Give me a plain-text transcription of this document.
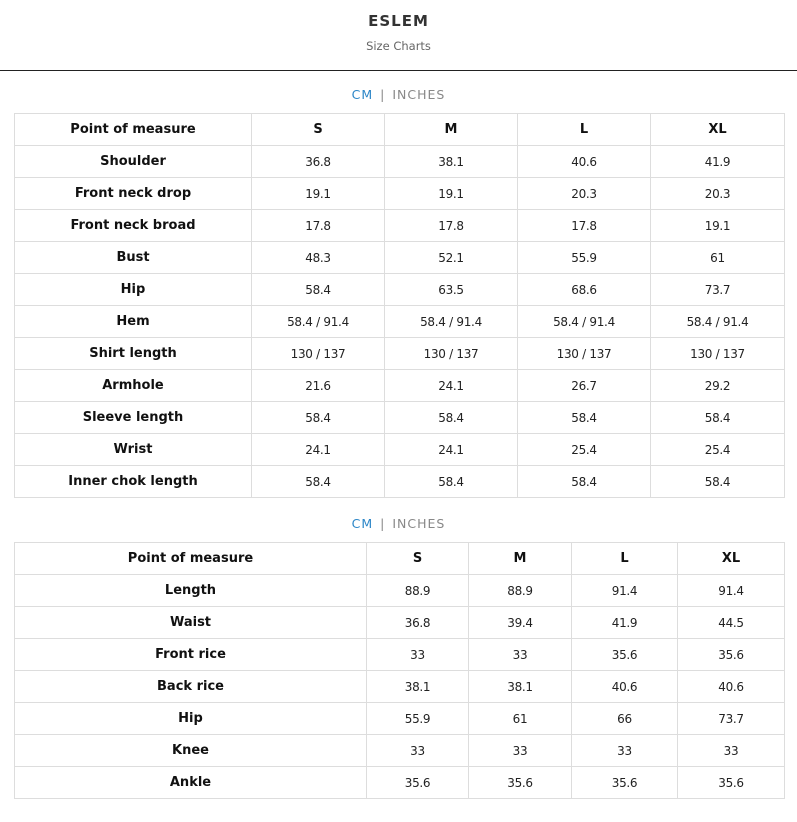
ESLEM
Size Charts
CM | INCHES
Point of measure	S	M	L	XL
Shoulder	36.8	38.1	40.6	41.9
Front neck drop	19.1	19.1	20.3	20.3
Front neck broad	17.8	17.8	17.8	19.1
Bust	48.3	52.1	55.9	61
Hip	58.4	63.5	68.6	73.7
Hem	58.4 / 91.4	58.4 / 91.4	58.4 / 91.4	58.4 / 91.4
Shirt length	130 / 137	130 / 137	130 / 137	130 / 137
Armhole	21.6	24.1	26.7	29.2
Sleeve length	58.4	58.4	58.4	58.4
Wrist	24.1	24.1	25.4	25.4
Inner chok length	58.4	58.4	58.4	58.4
CM | INCHES
Point of measure	S	M	L	XL
Length	88.9	88.9	91.4	91.4
Waist	36.8	39.4	41.9	44.5
Front rice	33	33	35.6	35.6
Back rice	38.1	38.1	40.6	40.6
Hip	55.9	61	66	73.7
Knee	33	33	33	33
Ankle	35.6	35.6	35.6	35.6
